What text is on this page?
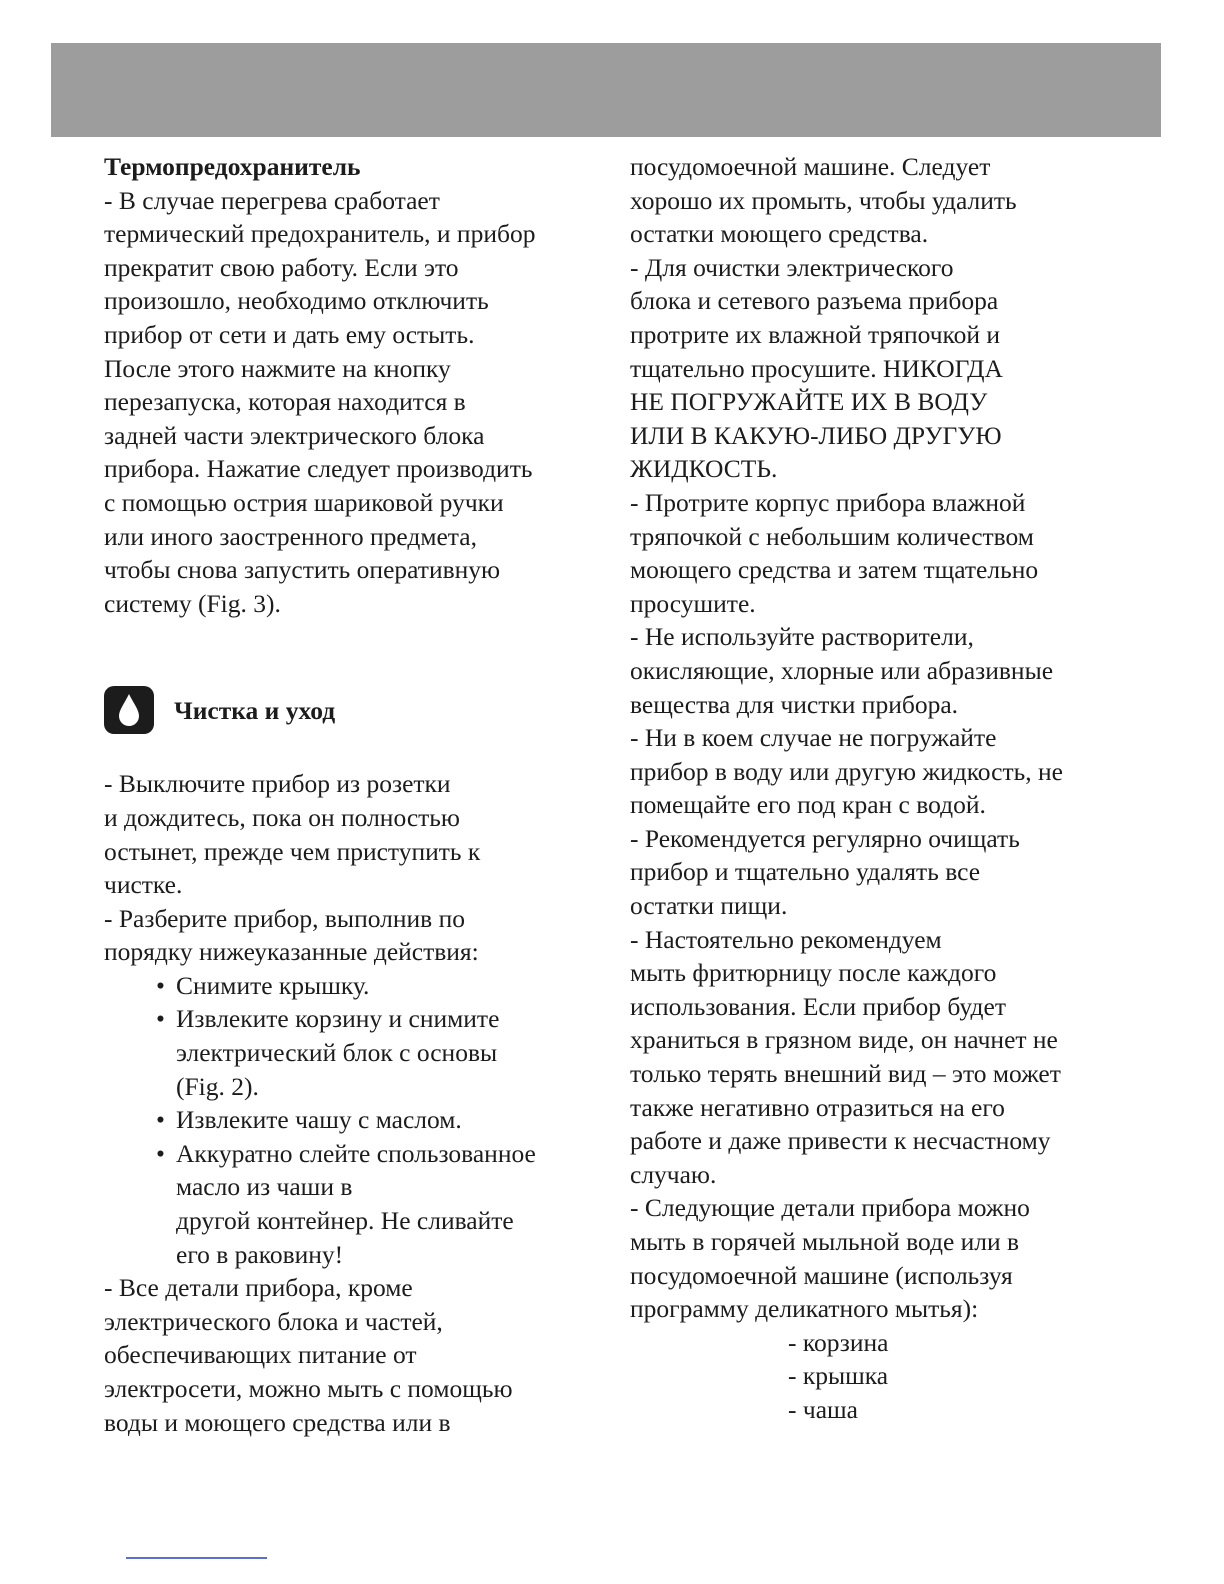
Термопредохранитель
- В случае перегрева сработает
термический предохранитель, и прибор
прекратит свою работу. Если это
произошло, необходимо отключить
прибор от сети и дать ему остыть.
После этого нажмите на кнопку
перезапуска, которая находится в
задней части электрического блока
прибора. Нажатие следует производить
с помощью острия шариковой ручки
или иного заостренного предмета,
чтобы снова запустить оперативную
систему (Fig. 3).
Чистка и уход
- Выключите прибор из розетки
и дождитесь, пока он полностью
остынет, прежде чем приступить к
чистке.
- Разберите прибор, выполнив по
порядку нижеуказанные действия:
• Снимите крышку.
• Извлеките корзину и снимите
электрический блок с основы
(Fig. 2).
• Извлеките чашу с маслом.
• Аккуратно слейте спользованное
масло из чаши в
другой контейнер. Не сливайте
его в раковину!
- Все детали прибора, кроме
электрического блока и частей,
обеспечивающих питание от
электросети, можно мыть с помощью
воды и моющего средства или в
посудомоечной машине. Следует
хорошо их промыть, чтобы удалить
остатки моющего средства.
- Для очистки электрического
блока и сетевого разъема прибора
протрите их влажной тряпочкой и
тщательно просушите. НИКОГДА
НЕ ПОГРУЖАЙТЕ ИХ В ВОДУ
ИЛИ В КАКУЮ-ЛИБО ДРУГУЮ
ЖИДКОСТЬ.
- Протрите корпус прибора влажной
тряпочкой с небольшим количеством
моющего средства и затем тщательно
просушите.
- Не используйте растворители,
окисляющие, хлорные или абразивные
вещества для чистки прибора.
- Ни в коем случае не погружайте
прибор в воду или другую жидкость, не
помещайте его под кран с водой.
- Рекомендуется регулярно очищать
прибор и тщательно удалять все
остатки пищи.
- Настоятельно рекомендуем
мыть фритюрницу после каждого
использования. Если прибор будет
храниться в грязном виде, он начнет не
только терять внешний вид – это может
также негативно отразиться на его
работе и даже привести к несчастному
случаю.
- Следующие детали прибора можно
мыть в горячей мыльной воде или в
посудомоечной машине (используя
программу деликатного мытья):
- корзина
- крышка
- чаша
